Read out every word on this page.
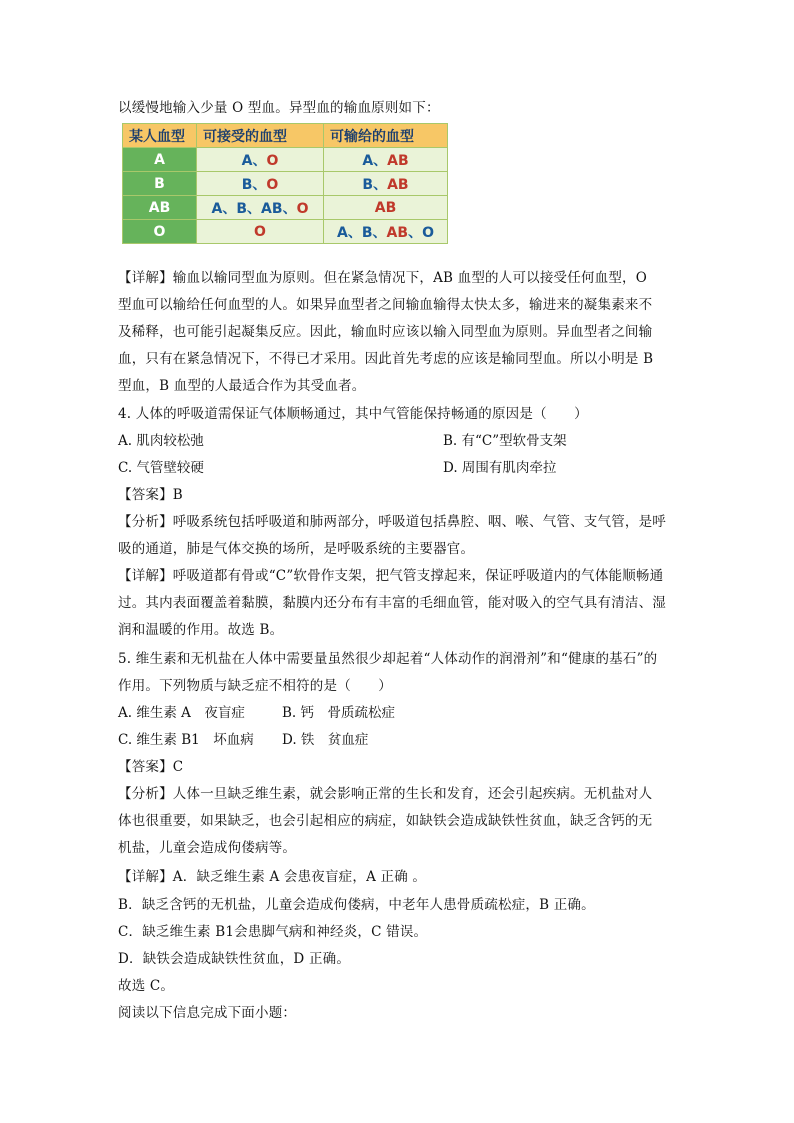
以缓慢地输入少量 O 型血。异型血的输血原则如下：
某人血型	可接受的血型	可输给的血型
A	A、O	A、AB
B	B、O	B、AB
AB	A、B、AB、O	AB
O	O	A、B、AB、O
【详解】输血以输同型血为原则。但在紧急情况下，AB 血型的人可以接受任何血型，O
型血可以输给任何血型的人。如果异血型者之间输血输得太快太多，输进来的凝集素来不
及稀释，也可能引起凝集反应。因此，输血时应该以输入同型血为原则。异血型者之间输
血，只有在紧急情况下，不得已才采用。因此首先考虑的应该是输同型血。所以小明是 B
型血，B 血型的人最适合作为其受血者。
4. 人体的呼吸道需保证气体顺畅通过，其中气管能保持畅通的原因是（　　）
A. 肌肉较松弛	B. 有“C”型软骨支架
C. 气管壁较硬	D. 周围有肌肉牵拉
【答案】B
【分析】呼吸系统包括呼吸道和肺两部分，呼吸道包括鼻腔、咽、喉、气管、支气管，是呼
吸的通道，肺是气体交换的场所，是呼吸系统的主要器官。
【详解】呼吸道都有骨或“C”软骨作支架，把气管支撑起来，保证呼吸道内的气体能顺畅通
过。其内表面覆盖着黏膜，黏膜内还分布有丰富的毛细血管，能对吸入的空气具有清洁、湿
润和温暖的作用。故选 B。
5. 维生素和无机盐在人体中需要量虽然很少却起着“人体动作的润滑剂”和“健康的基石”的
作用。下列物质与缺乏症不相符的是（　　）
A. 维生素 A　夜盲症	B. 钙　骨质疏松症
C. 维生素 B1　坏血病 D. 铁　贫血症
【答案】C
【分析】人体一旦缺乏维生素，就会影响正常的生长和发育，还会引起疾病。无机盐对人
体也很重要，如果缺乏，也会引起相应的病症，如缺铁会造成缺铁性贫血，缺乏含钙的无
机盐，儿童会造成佝偻病等。
【详解】A．缺乏维生素 A 会患夜盲症，A 正确 。
B．缺乏含钙的无机盐，儿童会造成佝偻病，中老年人患骨质疏松症，B 正确。
C．缺乏维生素 B1会患脚气病和神经炎，C 错误。
D．缺铁会造成缺铁性贫血，D 正确。
故选 C。
阅读以下信息完成下面小题：
